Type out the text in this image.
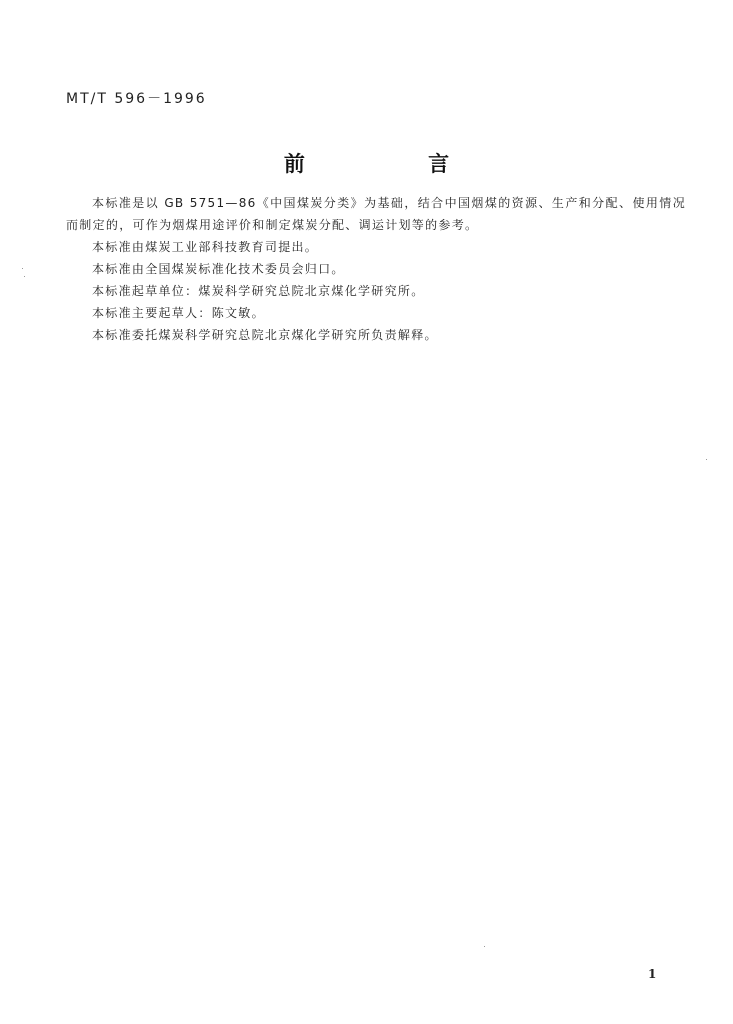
MT/T 596－1996
前 言

本标准是以 GB 5751—86《中国煤炭分类》为基础，结合中国烟煤的资源、生产和分配、使用情况而制定的，可作为烟煤用途评价和制定煤炭分配、调运计划等的参考。

本标准由煤炭工业部科技教育司提出。

本标准由全国煤炭标准化技术委员会归口。

本标准起草单位：煤炭科学研究总院北京煤化学研究所。

本标准主要起草人：陈文敏。

本标准委托煤炭科学研究总院北京煤化学研究所负责解释。

1
